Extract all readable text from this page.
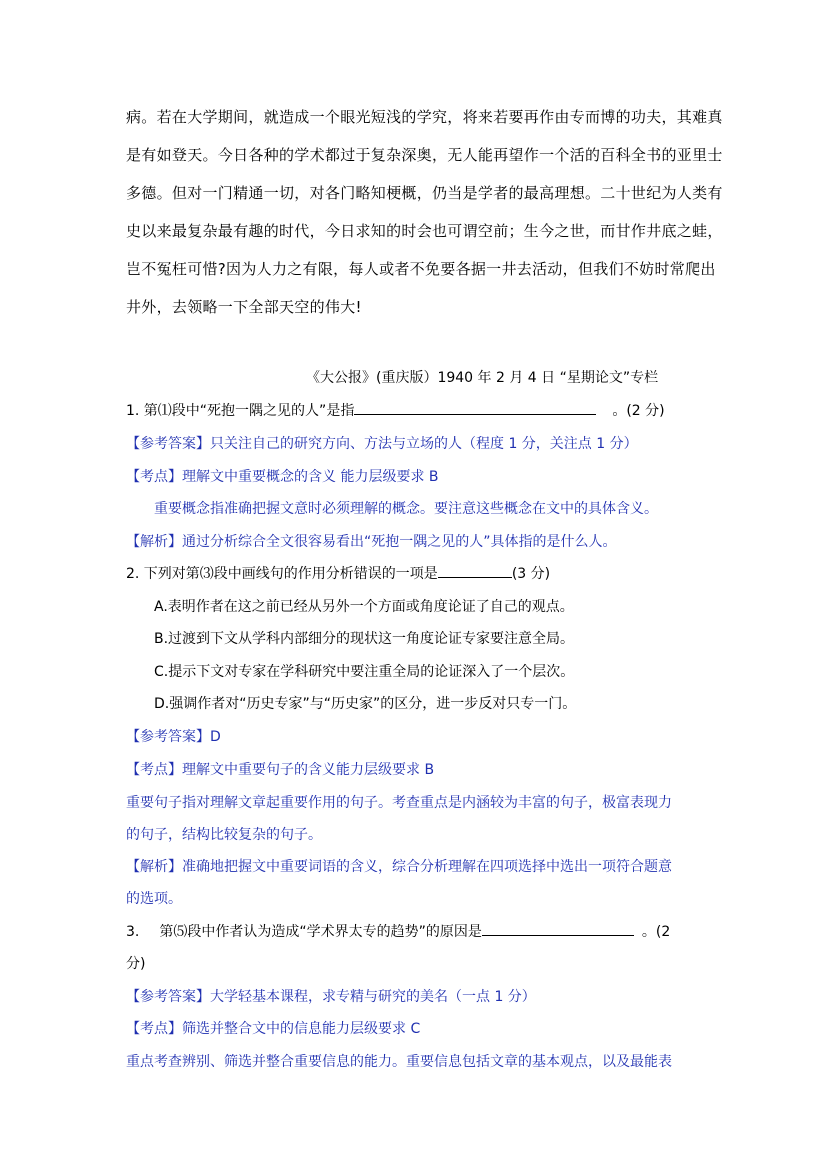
病。若在大学期间，就造成一个眼光短浅的学究，将来若要再作由专而博的功夫，其难真
是有如登天。今日各种的学术都过于复杂深奥，无人能再望作一个活的百科全书的亚里士
多德。但对一门精通一切，对各门略知梗概，仍当是学者的最高理想。二十世纪为人类有
史以来最复杂最有趣的时代，今日求知的时会也可谓空前；生今之世，而甘作井底之蛙，
岂不冤枉可惜?因为人力之有限，每人或者不免要各据一井去活动，但我们不妨时常爬出
井外，去领略一下全部天空的伟大!
《大公报》(重庆版）1940 年 2 月 4 日 “星期论文”专栏
1. 第⑴段中“死抱一隅之见的人”是指	。(2 分)
【参考答案】只关注自己的研究方向、方法与立场的人（程度 1 分，关注点 1 分）
【考点】理解文中重要概念的含义 能力层级要求 B
重要概念指准确把握文意时必须理解的概念。要注意这些概念在文中的具体含义。
【解析】通过分析综合全文很容易看出“死抱一隅之见的人”具体指的是什么人。
2. 下列对第⑶段中画线句的作用分析错误的一项是	(3 分)
A.表明作者在这之前已经从另外一个方面或角度论证了自己的观点。
B.过渡到下文从学科内部细分的现状这一角度论证专家要注意全局。
C.提示下文对专家在学科研究中要注重全局的论证深入了一个层次。
D.强调作者对“历史专家”与“历史家”的区分，进一步反对只专一门。
【参考答案】D
【考点】理解文中重要句子的含义能力层级要求 B
重要句子指对理解文章起重要作用的句子。考查重点是内涵较为丰富的句子，极富表现力
的句子，结构比较复杂的句子。
【解析】准确地把握文中重要词语的含义，综合分析理解在四项选择中选出一项符合题意
的选项。
3. 第⑸段中作者认为造成“学术界太专的趋势”的原因是	。(2
分)
【参考答案】大学轻基本课程，求专精与研究的美名（一点 1 分）
【考点】筛选并整合文中的信息能力层级要求 C
重点考查辨别、筛选并整合重要信息的能力。重要信息包括文章的基本观点，以及最能表
